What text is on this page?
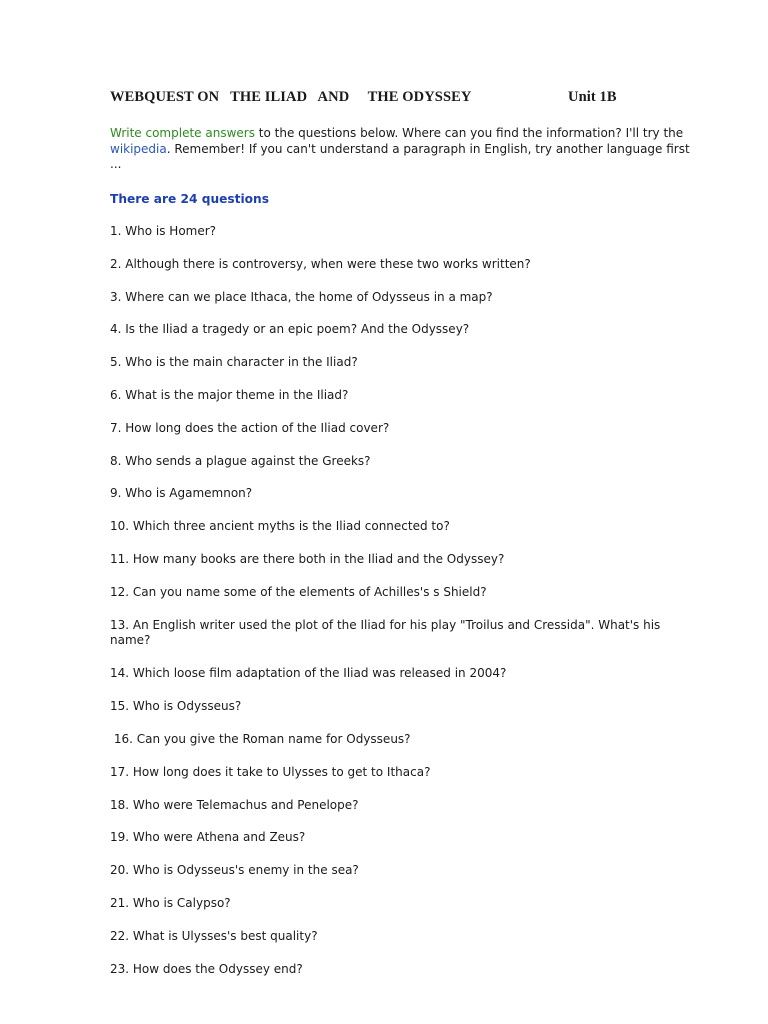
WEBQUEST ON   THE ILIAD   AND     THE ODYSSEY	Unit 1B
Write complete answers to the questions below. Where can you find the information? I'll try the wikipedia. Remember! If you can't understand a paragraph in English, try another language first ...
There are 24 questions
1. Who is Homer?
2. Although there is controversy, when were these two works written?
3. Where can we place Ithaca, the home of Odysseus in a map?
4. Is the Iliad a tragedy or an epic poem? And the Odyssey?
5. Who is the main character in the Iliad?
6. What is the major theme in the Iliad?
7. How long does the action of the Iliad cover?
8. Who sends a plague against the Greeks?
9. Who is Agamemnon?
10. Which three ancient myths is the Iliad connected to?
11. How many books are there both in the Iliad and the Odyssey?
12. Can you name some of the elements of Achilles's s Shield?
13. An English writer used the plot of the Iliad for his play "Troilus and Cressida". What's his name?
14. Which loose film adaptation of the Iliad was released in 2004?
15. Who is Odysseus?
16. Can you give the Roman name for Odysseus?
17. How long does it take to Ulysses to get to Ithaca?
18. Who were Telemachus and Penelope?
19. Who were Athena and Zeus?
20. Who is Odysseus's enemy in the sea?
21. Who is Calypso?
22. What is Ulysses's best quality?
23. How does the Odyssey end?
